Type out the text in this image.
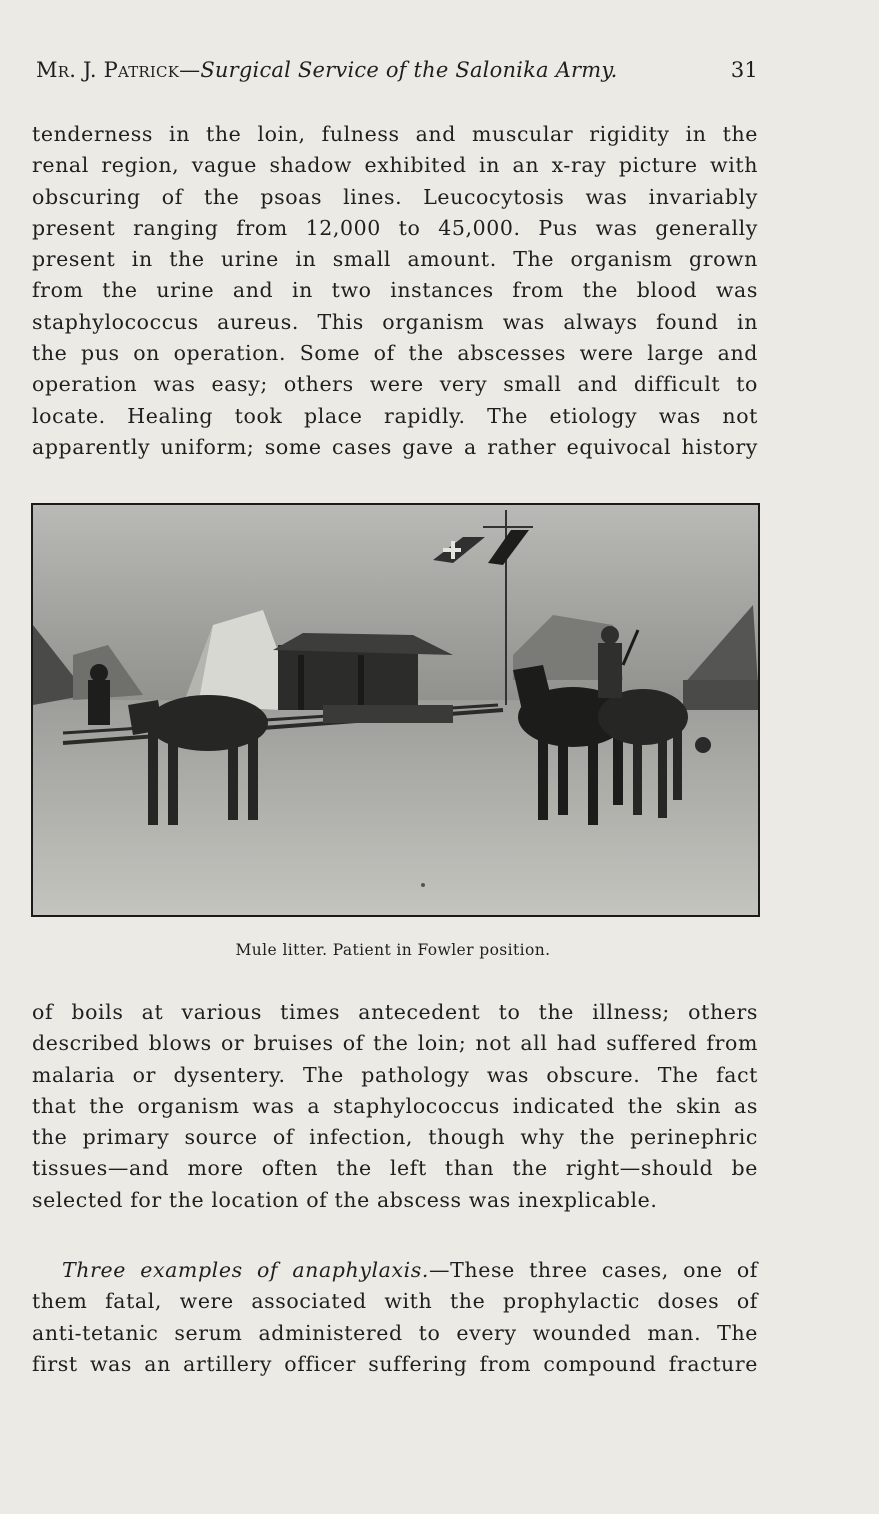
Mr. J. Patrick—Surgical Service of the Salonika Army.	31
tenderness in the loin, fulness and muscular rigidity in the
renal region, vague shadow exhibited in an x-ray picture with
obscuring of the psoas lines. Leucocytosis was invariably
present ranging from 12,000 to 45,000. Pus was generally
present in the urine in small amount. The organism grown
from the urine and in two instances from the blood was
staphylococcus aureus. This organism was always found in
the pus on operation. Some of the abscesses were large and
operation was easy; others were very small and difficult to
locate. Healing took place rapidly. The etiology was not
apparently uniform; some cases gave a rather equivocal history
Mule litter. Patient in Fowler position.
of boils at various times antecedent to the illness; others
described blows or bruises of the loin; not all had suffered from
malaria or dysentery. The pathology was obscure. The fact
that the organism was a staphylococcus indicated the skin as
the primary source of infection, though why the perinephric
tissues—and more often the left than the right—should be
selected for the location of the abscess was inexplicable.
Three examples of anaphylaxis.—These three cases, one of
them fatal, were associated with the prophylactic doses of
anti-tetanic serum administered to every wounded man. The
first was an artillery officer suffering from compound fracture
